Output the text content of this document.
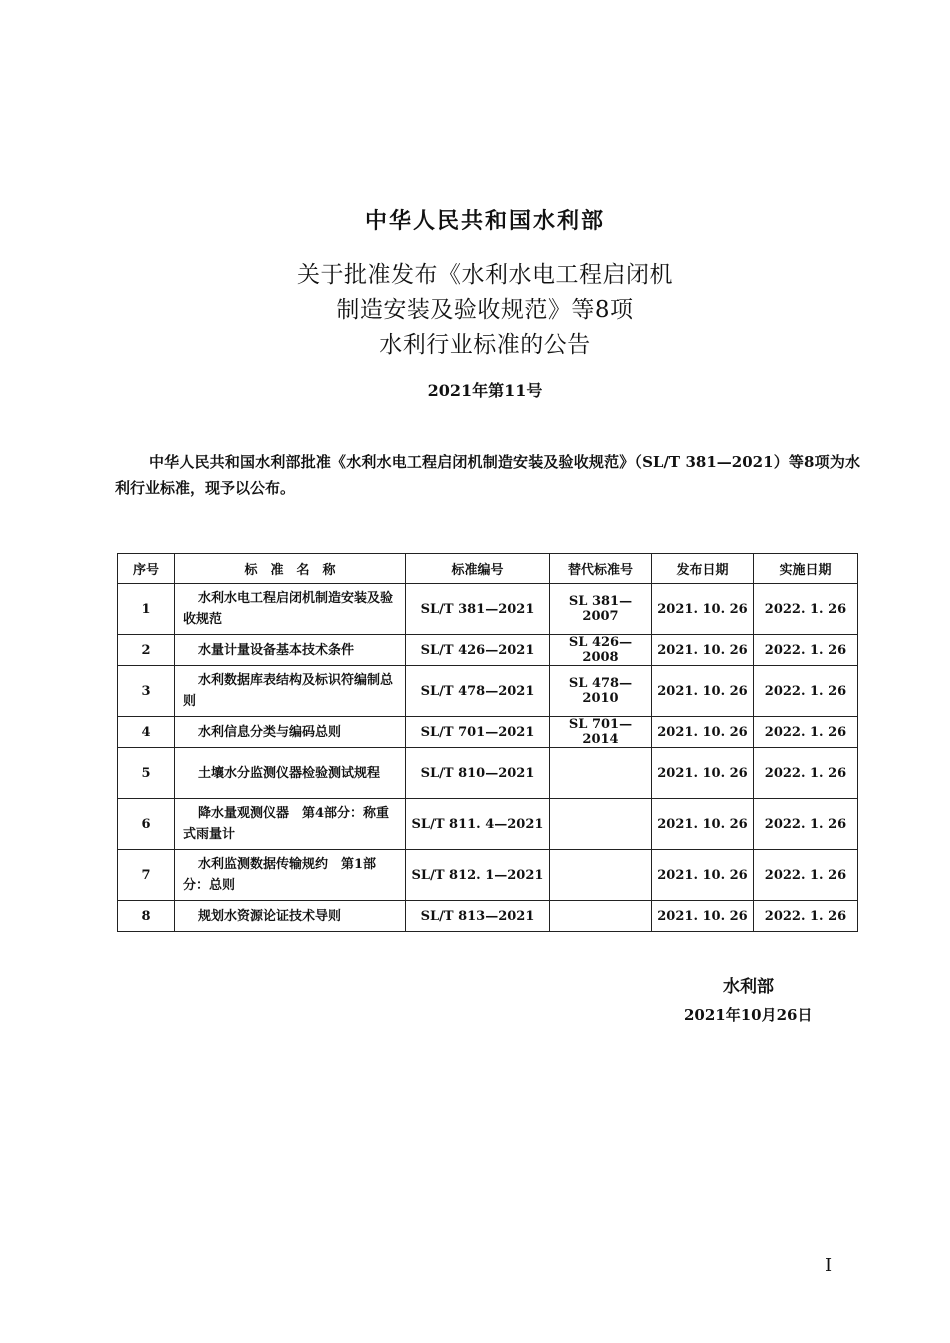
中华人民共和国水利部
关于批准发布《水利水电工程启闭机
制造安装及验收规范》等8项
水利行业标准的公告
2021年第11号
中华人民共和国水利部批准《水利水电工程启闭机制造安装及验收规范》（SL/T 381—2021）等8项为水利行业标准，现予以公布。
序号	标　准　名　称	标准编号	替代标准号	发布日期	实施日期
1	水利水电工程启闭机制造安装及验收规范	SL/T 381—2021	SL 381—2007	2021. 10. 26	2022. 1. 26
2	水量计量设备基本技术条件	SL/T 426—2021	SL 426—2008	2021. 10. 26	2022. 1. 26
3	水利数据库表结构及标识符编制总则	SL/T 478—2021	SL 478—2010	2021. 10. 26	2022. 1. 26
4	水利信息分类与编码总则	SL/T 701—2021	SL 701—2014	2021. 10. 26	2022. 1. 26
5	土壤水分监测仪器检验测试规程	SL/T 810—2021		2021. 10. 26	2022. 1. 26
6	降水量观测仪器　第4部分：称重式雨量计	SL/T 811. 4—2021		2021. 10. 26	2022. 1. 26
7	水利监测数据传输规约　第1部分：总则	SL/T 812. 1—2021		2021. 10. 26	2022. 1. 26
8	规划水资源论证技术导则	SL/T 813—2021		2021. 10. 26	2022. 1. 26
水利部
2021年10月26日
I
